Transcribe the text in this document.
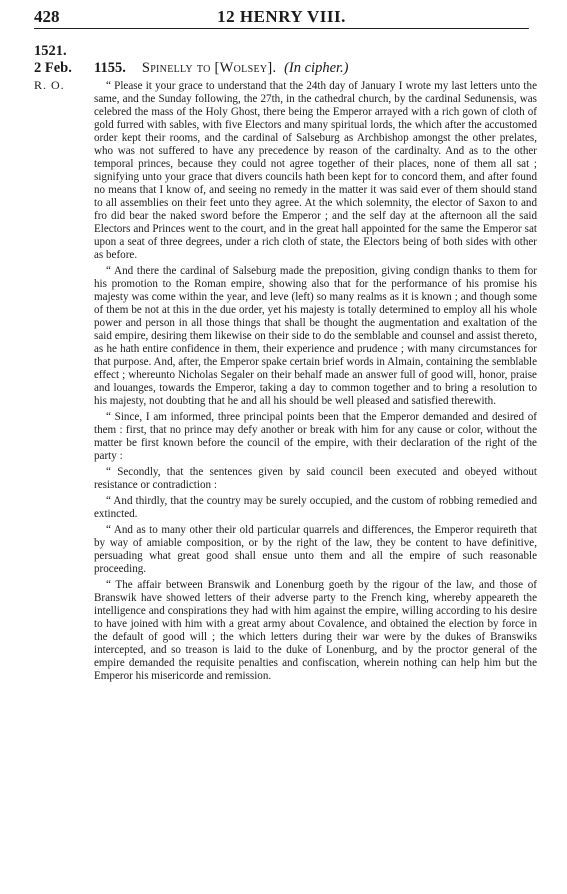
428	12 HENRY VIII.
1521.
2 Feb.
R. O.
1155. Spinelly to [Wolsey]. (In cipher.)

“ Please it your grace to understand that the 24th day of January I wrote my last letters unto the same, and the Sunday following, the 27th, in the cathedral church, by the cardinal Sedunensis, was celebred the mass of the Holy Ghost, there being the Emperor arrayed with a rich gown of cloth of gold furred with sables, with five Electors and many spiritual lords, the which after the accustomed order kept their rooms, and the cardinal of Salseburg as Archbishop amongst the other prelates, who was not suffered to have any precedence by reason of the cardinalty. And as to the other temporal princes, because they could not agree together of their places, none of them all sat ; signifying unto your grace that divers councils hath been kept for to concord them, and after found no means that I know of, and seeing no remedy in the matter it was said ever of them should stand to all assemblies on their feet unto they agree. At the which solemnity, the elector of Saxon to and fro did bear the naked sword before the Emperor ; and the self day at the afternoon all the said Electors and Princes went to the court, and in the great hall appointed for the same the Emperor sat upon a seat of three degrees, under a rich cloth of state, the Electors being of both sides with other as before.

“ And there the cardinal of Salseburg made the preposition, giving condign thanks to them for his promotion to the Roman empire, showing also that for the performance of his promise his majesty was come within the year, and leve (left) so many realms as it is known ; and though some of them be not at this in the due order, yet his majesty is totally determined to employ all his whole power and person in all those things that shall be thought the augmentation and exaltation of the said empire, desiring them likewise on their side to do the semblable and counsel and assist thereto, as he hath entire confidence in them, their experience and prudence ; with many circumstances for that purpose. And, after, the Emperor spake certain brief words in Almain, containing the semblable effect ; whereunto Nicholas Segaler on their behalf made an answer full of good will, honor, praise and louanges, towards the Emperor, taking a day to common together and to bring a resolution to his majesty, not doubting that he and all his should be well pleased and satisfied therewith.

“ Since, I am informed, three principal points been that the Emperor demanded and desired of them : first, that no prince may defy another or break with him for any cause or color, without the matter be first known before the council of the empire, with their declaration of the right of the party :

“ Secondly, that the sentences given by said council been executed and obeyed without resistance or contradiction :

“ And thirdly, that the country may be surely occupied, and the custom of robbing remedied and extincted.

“ And as to many other their old particular quarrels and differences, the Emperor requireth that by way of amiable composition, or by the right of the law, they be content to have definitive, persuading what great good shall ensue unto them and all the empire of such reasonable proceeding.

“ The affair between Branswik and Lonenburg goeth by the rigour of the law, and those of Branswik have showed letters of their adverse party to the French king, whereby appeareth the intelligence and conspirations they had with him against the empire, willing according to his desire to have joined with him with a great army about Covalence, and obtained the election by force in the default of good will ; the which letters during their war were by the dukes of Branswiks intercepted, and so treason is laid to the duke of Lonenburg, and by the proctor general of the empire demanded the requisite penalties and confiscation, wherein nothing can help him but the Emperor his misericorde and remission.
